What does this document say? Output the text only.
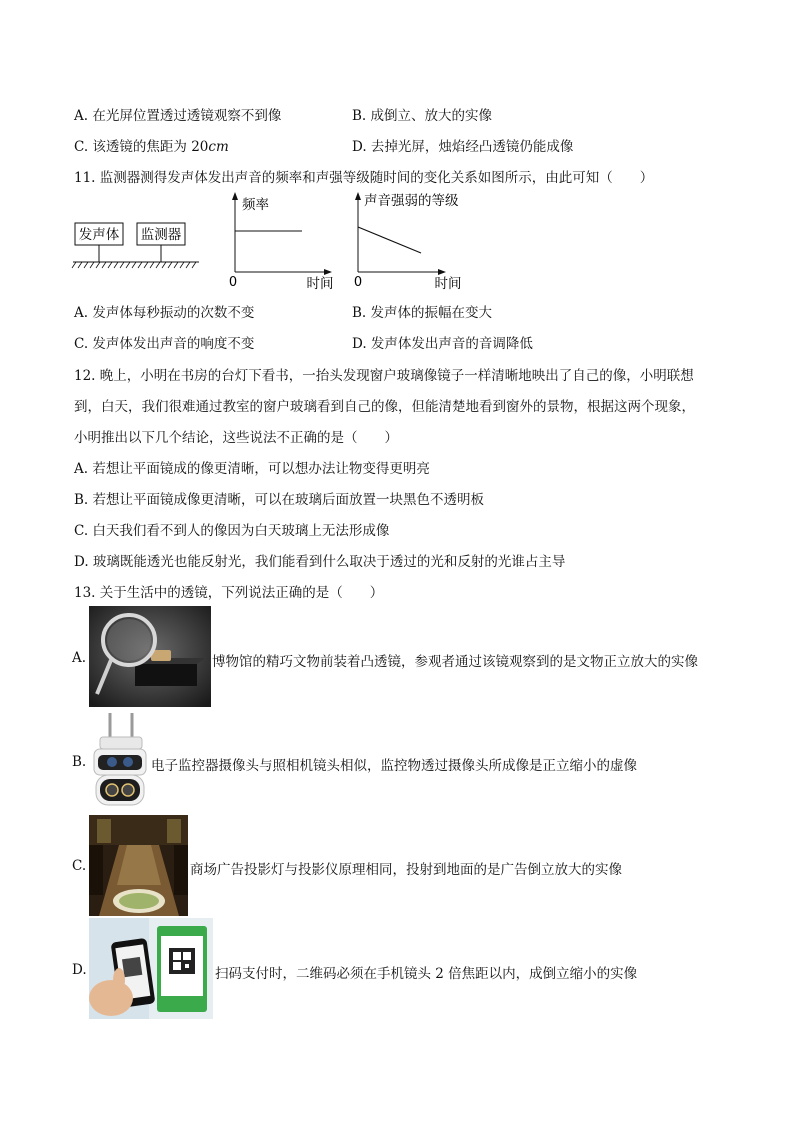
A. 在光屏位置透过透镜观察不到像	B. 成倒立、放大的实像
C. 该透镜的焦距为 20cm	D. 去掉光屏，烛焰经凸透镜仍能成像
11. 监测器测得发声体发出声音的频率和声强等级随时间的变化关系如图所示，由此可知（　　）
发声体 监测器
频率
0	时间
声音强弱的等级
0	时间
A. 发声体每秒振动的次数不变	B. 发声体的振幅在变大
C. 发声体发出声音的响度不变	D. 发声体发出声音的音调降低
12. 晚上，小明在书房的台灯下看书，一抬头发现窗户玻璃像镜子一样清晰地映出了自己的像，小明联想
到，白天，我们很难通过教室的窗户玻璃看到自己的像，但能清楚地看到窗外的景物，根据这两个现象，
小明推出以下几个结论，这些说法不正确的是（　　）
A. 若想让平面镜成的像更清晰，可以想办法让物变得更明亮
B. 若想让平面镜成像更清晰，可以在玻璃后面放置一块黑色不透明板
C. 白天我们看不到人的像因为白天玻璃上无法形成像
D. 玻璃既能透光也能反射光，我们能看到什么取决于透过的光和反射的光谁占主导
13. 关于生活中的透镜，下列说法正确的是（　　）
A.	博物馆的精巧文物前装着凸透镜，参观者通过该镜观察到的是文物正立放大的实像
B.	电子监控器摄像头与照相机镜头相似，监控物透过摄像头所成像是正立缩小的虚像
C.	商场广告投影灯与投影仪原理相同，投射到地面的是广告倒立放大的实像
D.	扫码支付时，二维码必须在手机镜头 2 倍焦距以内，成倒立缩小的实像
